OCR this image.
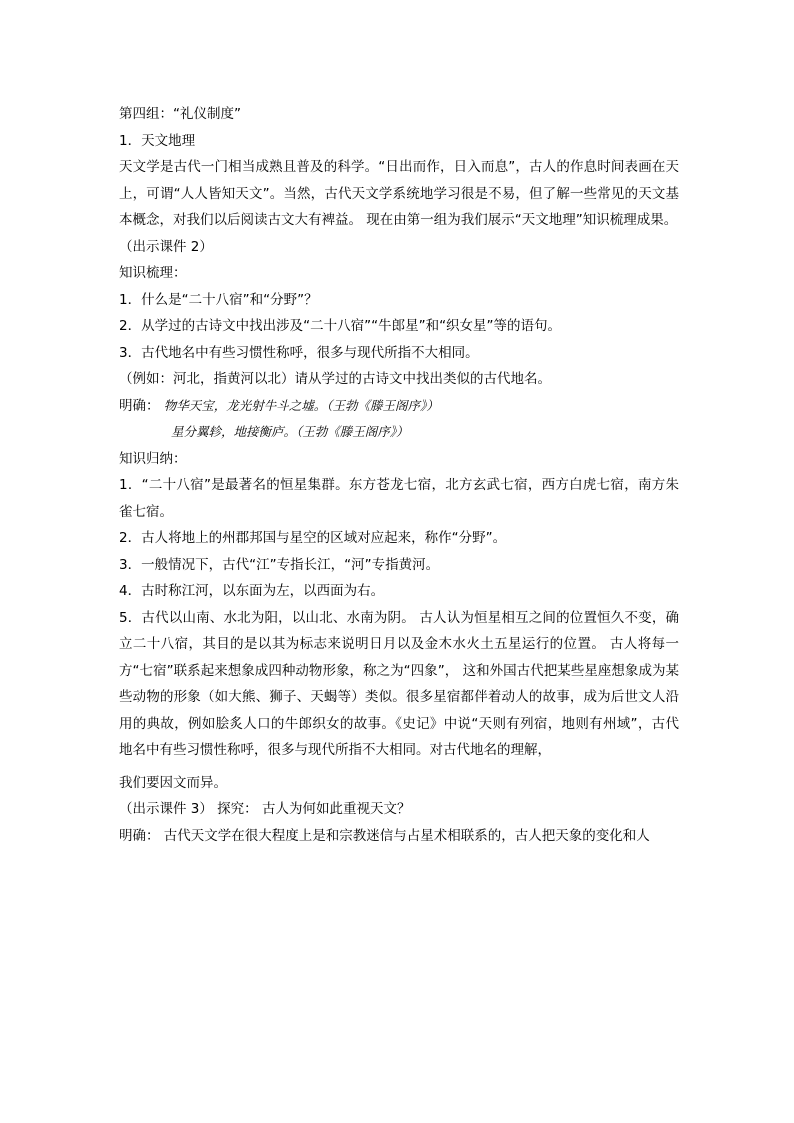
第四组：“礼仪制度”
1．天文地理
天文学是古代一门相当成熟且普及的科学。“日出而作，日入而息”，古人的作息时间表画在天上，可谓“人人皆知天文”。当然，古代天文学系统地学习很是不易，但了解一些常见的天文基本概念，对我们以后阅读古文大有裨益。 现在由第一组为我们展示“天文地理”知识梳理成果。
（出示课件 2）
知识梳理：
1．什么是“二十八宿”和“分野”？
2．从学过的古诗文中找出涉及“二十八宿”“牛郎星”和“织女星”等的语句。
3．古代地名中有些习惯性称呼，很多与现代所指不大相同。
（例如：河北，指黄河以北）请从学过的古诗文中找出类似的古代地名。
明确： 物华天宝，龙光射牛斗之墟。（王勃《滕王阁序》）
星分翼轸，地接衡庐。（王勃《滕王阁序》）
知识归纳：
1．“二十八宿”是最著名的恒星集群。东方苍龙七宿，北方玄武七宿，西方白虎七宿，南方朱雀七宿。
2．古人将地上的州郡邦国与星空的区域对应起来，称作“分野”。
3．一般情况下，古代“江”专指长江，“河”专指黄河。
4．古时称江河，以东面为左，以西面为右。
5．古代以山南、水北为阳，以山北、水南为阴。 古人认为恒星相互之间的位置恒久不变，确立二十八宿，其目的是以其为标志来说明日月以及金木水火土五星运行的位置。 古人将每一方“七宿”联系起来想象成四种动物形象，称之为“四象”， 这和外国古代把某些星座想象成为某些动物的形象（如大熊、狮子、天蝎等）类似。很多星宿都伴着动人的故事，成为后世文人沿用的典故，例如脍炙人口的牛郎织女的故事。《史记》中说“天则有列宿，地则有州域”，古代地名中有些习惯性称呼，很多与现代所指不大相同。对古代地名的理解，
我们要因文而异。
（出示课件 3） 探究： 古人为何如此重视天文？
明确： 古代天文学在很大程度上是和宗教迷信与占星术相联系的，古人把天象的变化和人
